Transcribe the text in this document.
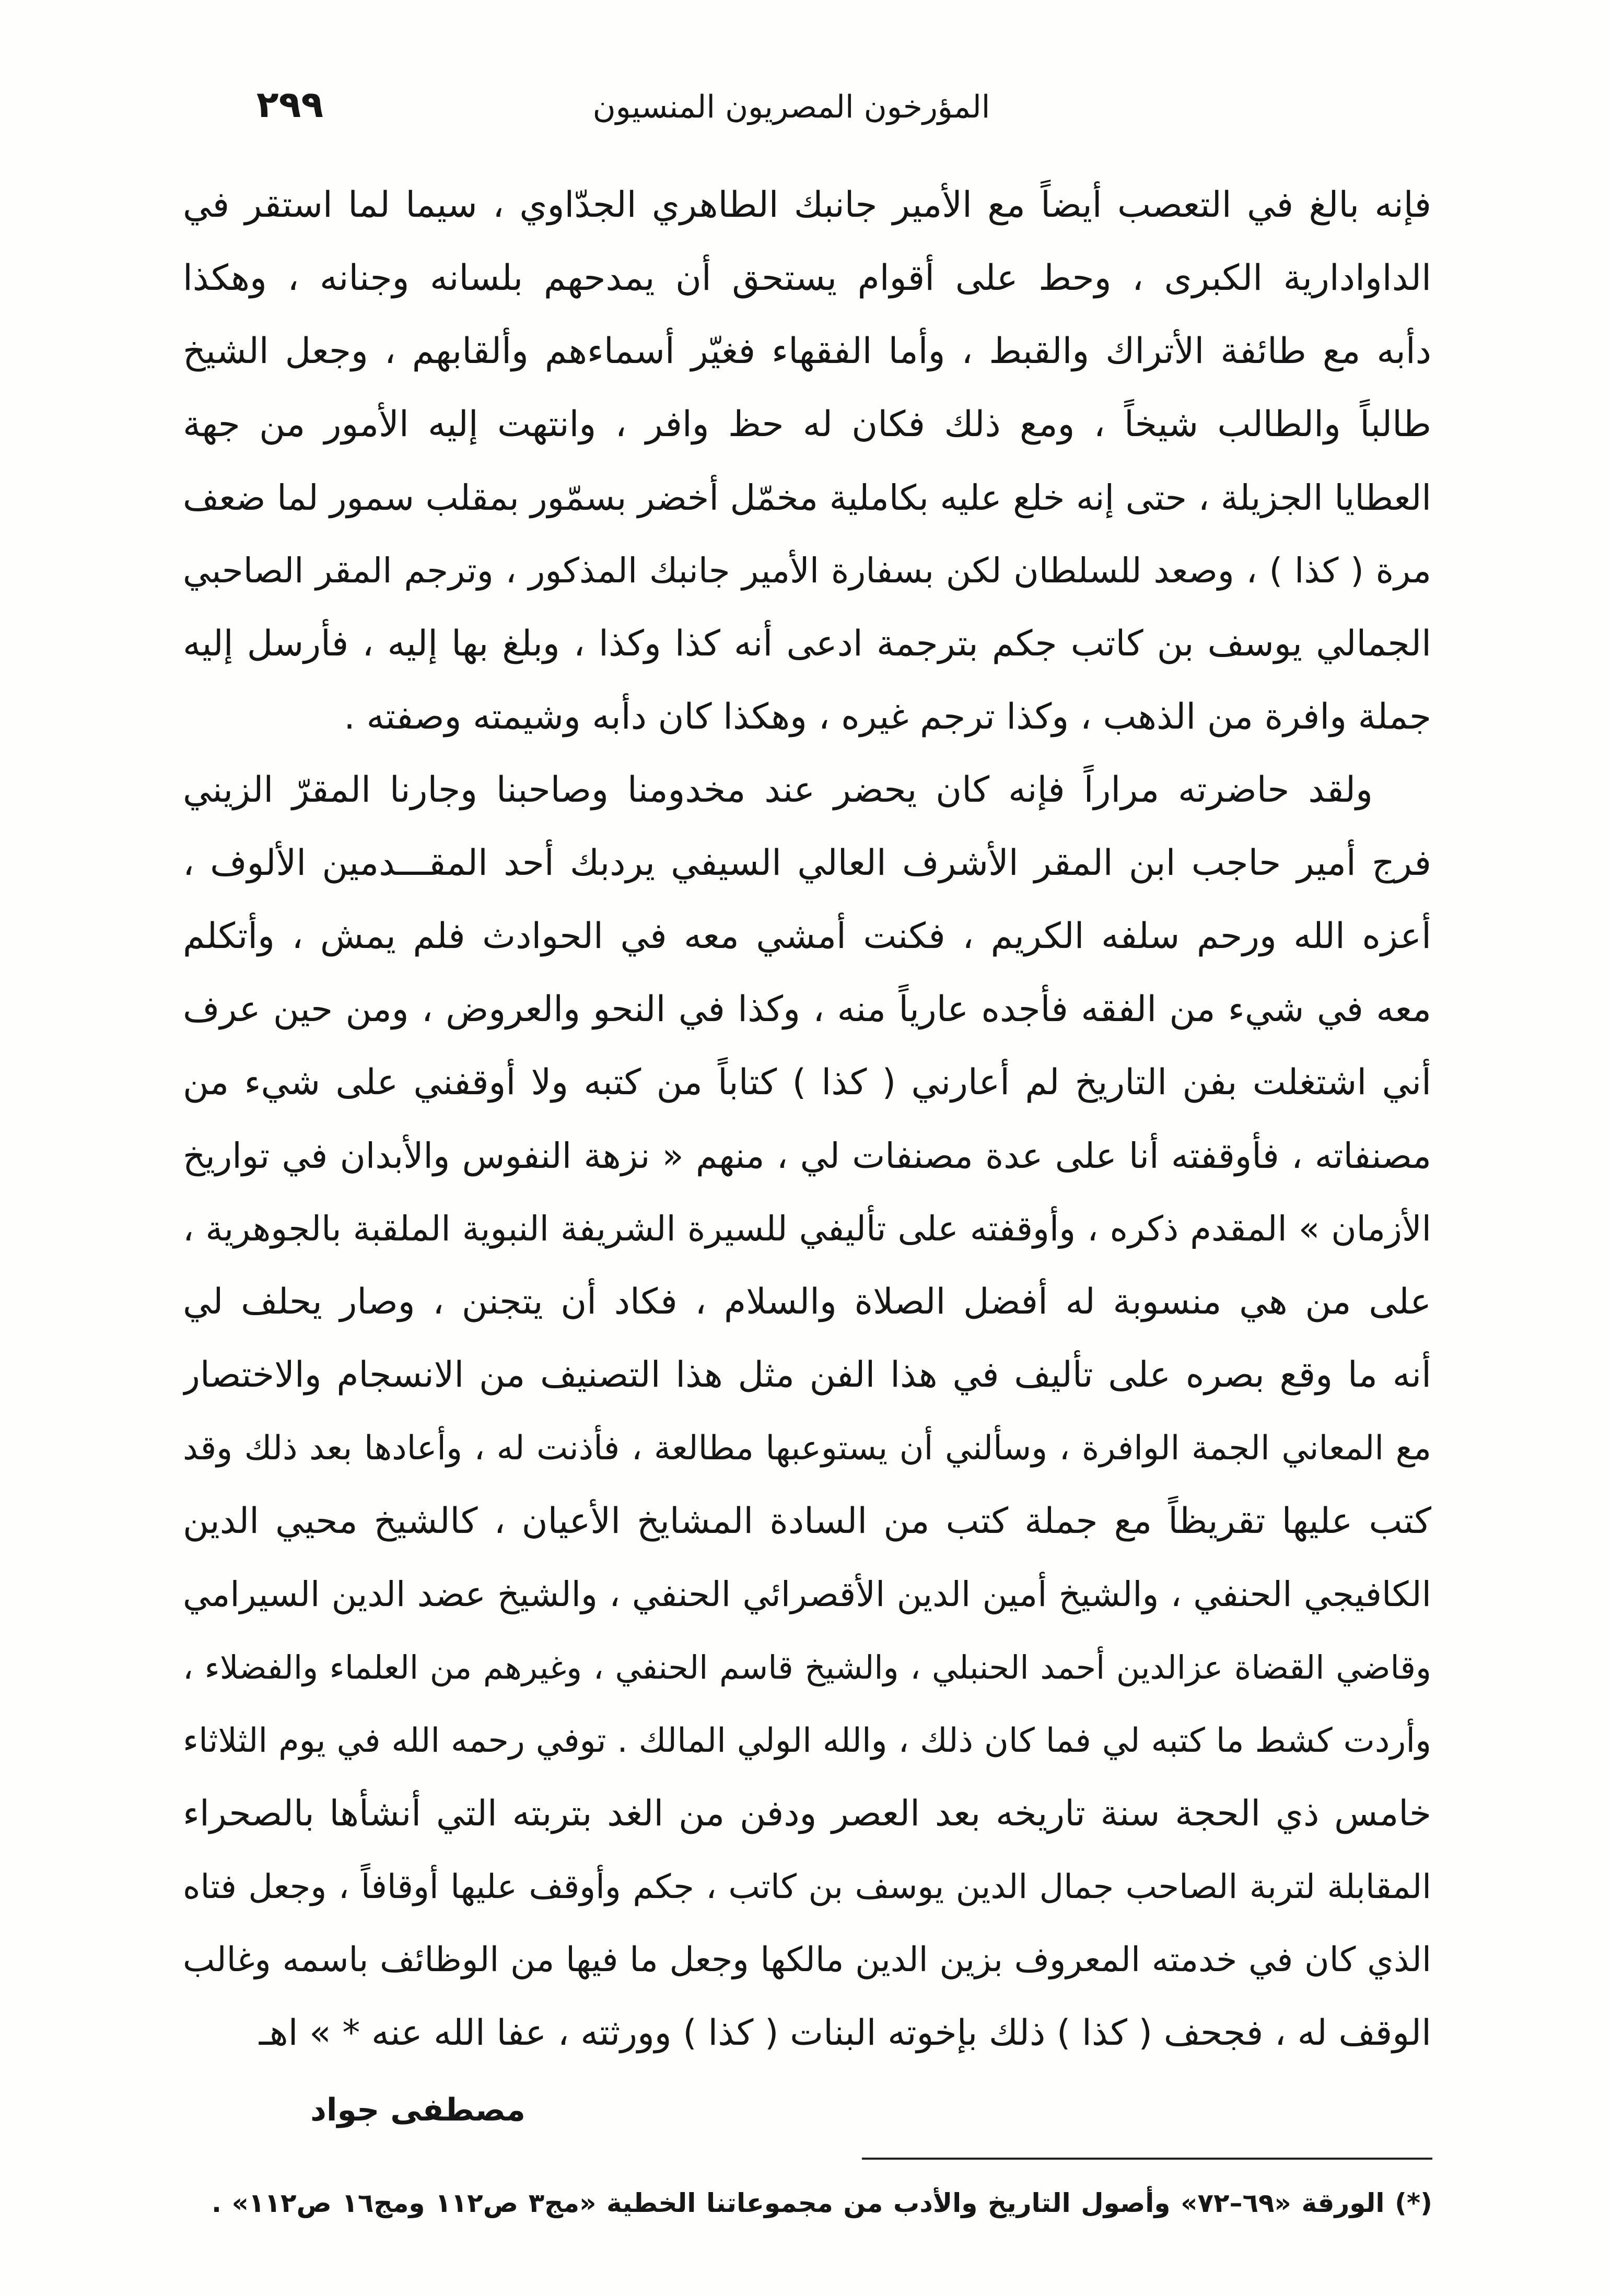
المؤرخون المصريون المنسيون
٢٩٩
فإنه بالغ في التعصب أيضاً مع الأمير جانبك الطاهري الجدّاوي ، سيما لما استقر في
الداوادارية الكبرى ، وحط على أقوام يستحق أن يمدحهم بلسانه وجنانه ، وهكذا
دأبه مع طائفة الأتراك والقبط ، وأما الفقهاء فغيّر أسماءهم وألقابهم ، وجعل الشيخ
طالباً والطالب شيخاً ، ومع ذلك فكان له حظ وافر ، وانتهت إليه الأمور من جهة
العطايا الجزيلة ، حتى إنه خلع عليه بكاملية مخمّل أخضر بسمّور بمقلب سمور لما ضعف
مرة ( كذا ) ، وصعد للسلطان لكن بسفارة الأمير جانبك المذكور ، وترجم المقر الصاحبي
الجمالي يوسف بن كاتب جكم بترجمة ادعى أنه كذا وكذا ، وبلغ بها إليه ، فأرسل إليه
جملة وافرة من الذهب ، وكذا ترجم غيره ، وهكذا كان دأبه وشيمته وصفته .
ولقد حاضرته مراراً فإنه كان يحضر عند مخدومنا وصاحبنا وجارنا المقرّ الزيني
فرج أمير حاجب ابن المقر الأشرف العالي السيفي يردبك أحد المقـــدمين الألوف ،
أعزه الله ورحم سلفه الكريم ، فكنت أمشي معه في الحوادث فلم يمش ، وأتكلم
معه في شيء من الفقه فأجده عارياً منه ، وكذا في النحو والعروض ، ومن حين عرف
أني اشتغلت بفن التاريخ لم أعارني ( كذا ) كتاباً من كتبه ولا أوقفني على شيء من
مصنفاته ، فأوقفته أنا على عدة مصنفات لي ، منهم « نزهة النفوس والأبدان في تواريخ
الأزمان » المقدم ذكره ، وأوقفته على تأليفي للسيرة الشريفة النبوية الملقبة بالجوهرية ،
على من هي منسوبة له أفضل الصلاة والسلام ، فكاد أن يتجنن ، وصار يحلف لي
أنه ما وقع بصره على تأليف في هذا الفن مثل هذا التصنيف من الانسجام والاختصار
مع المعاني الجمة الوافرة ، وسألني أن يستوعبها مطالعة ، فأذنت له ، وأعادها بعد ذلك وقد
كتب عليها تقريظاً مع جملة كتب من السادة المشايخ الأعيان ، كالشيخ محيي الدين
الكافيجي الحنفي ، والشيخ أمين الدين الأقصرائي الحنفي ، والشيخ عضد الدين السيرامي
وقاضي القضاة عزالدين أحمد الحنبلي ، والشيخ قاسم الحنفي ، وغيرهم من العلماء والفضلاء ،
وأردت كشط ما كتبه لي فما كان ذلك ، والله الولي المالك . توفي رحمه الله في يوم الثلاثاء
خامس ذي الحجة سنة تاريخه بعد العصر ودفن من الغد بتربته التي أنشأها بالصحراء
المقابلة لتربة الصاحب جمال الدين يوسف بن كاتب ، جكم وأوقف عليها أوقافاً ، وجعل فتاه
الذي كان في خدمته المعروف بزين الدين مالكها وجعل ما فيها من الوظائف باسمه وغالب
الوقف له ، فجحف ( كذا ) ذلك بإخوته البنات ( كذا ) وورثته ، عفا الله عنه * » اهـ
مصطفى جواد
(*) الورقة «٦٩–٧٢» وأصول التاريخ والأدب من مجموعاتنا الخطية «مج٣ ص١١٢ ومج١٦ ص١١٢» .
